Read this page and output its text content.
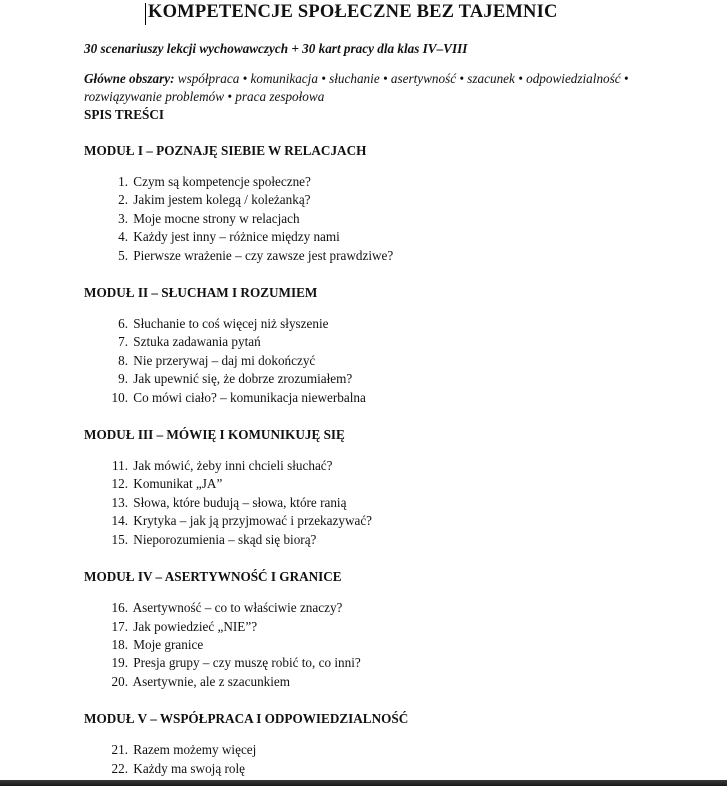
KOMPETENCJE SPOŁECZNE BEZ TAJEMNIC
30 scenariuszy lekcji wychowawczych + 30 kart pracy dla klas IV–VIII
Główne obszary: współpraca • komunikacja • słuchanie • asertywność • szacunek • odpowiedzialność • rozwiązywanie problemów • praca zespołowa
SPIS TREŚCI
MODUŁ I – POZNAJĘ SIEBIE W RELACJACH
1. Czym są kompetencje społeczne?
2. Jakim jestem kolegą / koleżanką?
3. Moje mocne strony w relacjach
4. Każdy jest inny – różnice między nami
5. Pierwsze wrażenie – czy zawsze jest prawdziwe?
MODUŁ II – SŁUCHAM I ROZUMIEM
6. Słuchanie to coś więcej niż słyszenie
7. Sztuka zadawania pytań
8. Nie przerywaj – daj mi dokończyć
9. Jak upewnić się, że dobrze zrozumiałem?
10. Co mówi ciało? – komunikacja niewerbalna
MODUŁ III – MÓWIĘ I KOMUNIKUJĘ SIĘ
11. Jak mówić, żeby inni chcieli słuchać?
12. Komunikat „JA”
13. Słowa, które budują – słowa, które ranią
14. Krytyka – jak ją przyjmować i przekazywać?
15. Nieporozumienia – skąd się biorą?
MODUŁ IV – ASERTYWNOŚĆ I GRANICE
16. Asertywność – co to właściwie znaczy?
17. Jak powiedzieć „NIE”?
18. Moje granice
19. Presja grupy – czy muszę robić to, co inni?
20. Asertywnie, ale z szacunkiem
MODUŁ V – WSPÓŁPRACA I ODPOWIEDZIALNOŚĆ
21. Razem możemy więcej
22. Każdy ma swoją rolę
